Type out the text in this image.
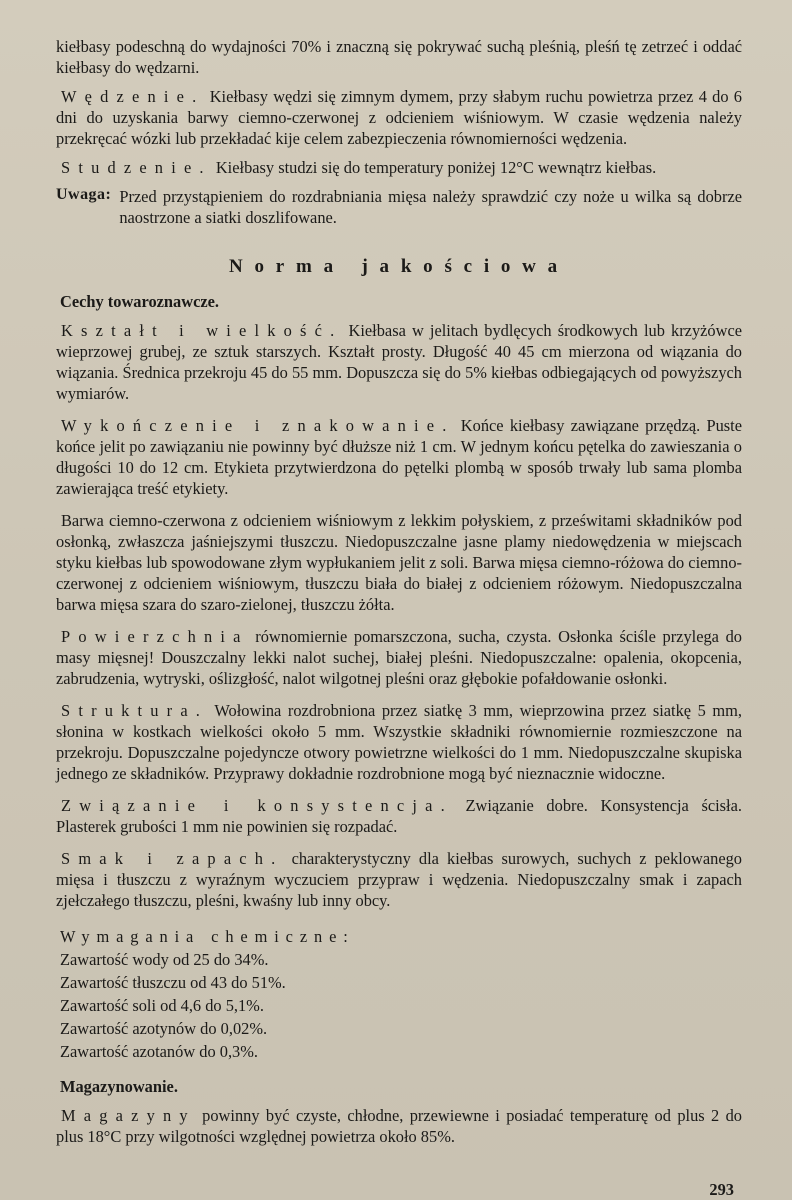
kiełbasy podeschną do wydajności 70% i znaczną się pokrywać suchą pleśnią, pleśń tę zetrzeć i oddać kiełbasy do wędzarni.

Wędzenie. Kiełbasy wędzi się zimnym dymem, przy słabym ruchu powietrza przez 4 do 6 dni do uzyskania barwy ciemno-czerwonej z odcieniem wiśniowym. W czasie wędzenia należy przekręcać wózki lub przekładać kije celem zabezpieczenia równomierności wędzenia.

Studzenie. Kiełbasy studzi się do temperatury poniżej 12°C wewnątrz kiełbas.

Uwaga: Przed przystąpieniem do rozdrabniania mięsa należy sprawdzić czy noże u wilka są dobrze naostrzone a siatki doszlifowane.

Norma jakościowa
Cechy towaroznawcze.

Kształt i wielkość. Kiełbasa w jelitach bydlęcych środkowych lub krzyżówce wieprzowej grubej, ze sztuk starszych. Kształt prosty. Długość 40 45 cm mierzona od wiązania do wiązania. Średnica przekroju 45 do 55 mm. Dopuszcza się do 5% kiełbas odbiegających od powyższych wymiarów.

Wykończenie i znakowanie. Końce kiełbasy zawiązane przędzą. Puste końce jelit po zawiązaniu nie powinny być dłuższe niż 1 cm. W jednym końcu pętelka do zawieszania o długości 10 do 12 cm. Etykieta przytwierdzona do pętelki plombą w sposób trwały lub sama plomba zawierająca treść etykiety.

Barwa ciemno-czerwona z odcieniem wiśniowym z lekkim połyskiem, z prześwitami składników pod osłonką, zwłaszcza jaśniejszymi tłuszczu. Niedopuszczalne jasne plamy niedowędzenia w miejscach styku kiełbas lub spowodowane złym wypłukaniem jelit z soli. Barwa mięsa ciemno-różowa do ciemno-czerwonej z odcieniem wiśniowym, tłuszczu biała do białej z odcieniem różowym. Niedopuszczalna barwa mięsa szara do szaro-zielonej, tłuszczu żółta.

Powierzchnia równomiernie pomarszczona, sucha, czysta. Osłonka ściśle przylega do masy mięsnej! Douszczalny lekki nalot suchej, białej pleśni. Niedopuszczalne: opalenia, okopcenia, zabrudzenia, wytryski, oślizgłość, nalot wilgotnej pleśni oraz głębokie pofałdowanie osłonki.

Struktura. Wołowina rozdrobniona przez siatkę 3 mm, wieprzowina przez siatkę 5 mm, słonina w kostkach wielkości około 5 mm. Wszystkie składniki równomiernie rozmieszczone na przekroju. Dopuszczalne pojedyncze otwory powietrzne wielkości do 1 mm. Niedopuszczalne skupiska jednego ze składników. Przyprawy dokładnie rozdrobnione mogą być nieznacznie widoczne.

Związanie i konsystencja. Związanie dobre. Konsystencja ścisła. Plasterek grubości 1 mm nie powinien się rozpadać.

Smak i zapach. charakterystyczny dla kiełbas surowych, suchych z peklowanego mięsa i tłuszczu z wyraźnym wyczuciem przypraw i wędzenia. Niedopuszczalny smak i zapach zjełczałego tłuszczu, pleśni, kwaśny lub inny obcy.

Wymagania chemiczne:

Zawartość wody od 25 do 34%.

Zawartość tłuszczu od 43 do 51%.

Zawartość soli od 4,6 do 5,1%.

Zawartość azotynów do 0,02%.

Zawartość azotanów do 0,3%.

Magazynowanie.

Magazyny powinny być czyste, chłodne, przewiewne i posiadać temperaturę od plus 2 do plus 18°C przy wilgotności względnej powietrza około 85%.

293
